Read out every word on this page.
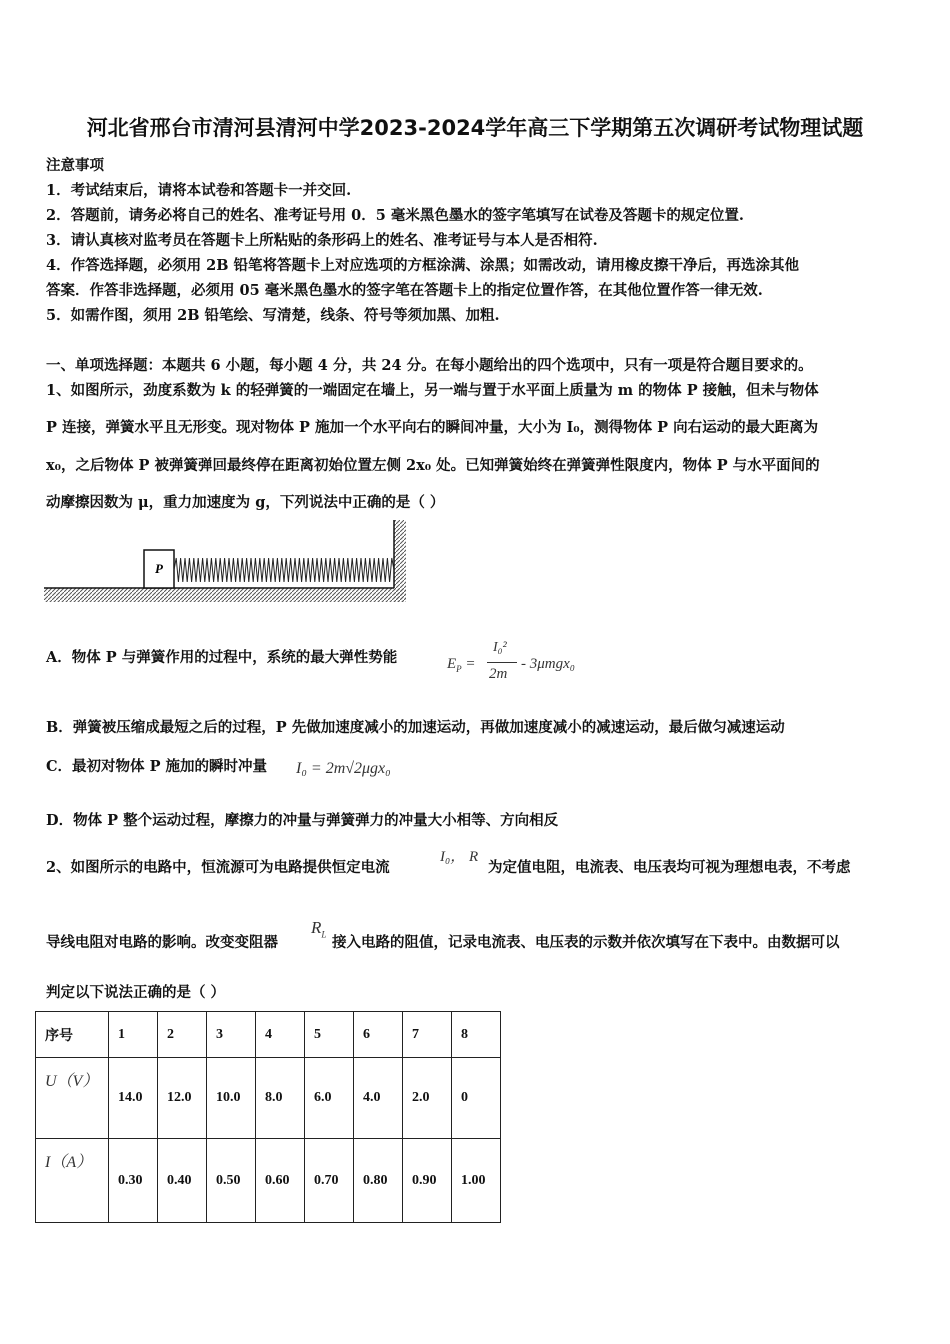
河北省邢台市清河县清河中学2023-2024学年高三下学期第五次调研考试物理试题
注意事项
1．考试结束后，请将本试卷和答题卡一并交回.
2．答题前，请务必将自己的姓名、准考证号用 0．5 毫米黑色墨水的签字笔填写在试卷及答题卡的规定位置.
3．请认真核对监考员在答题卡上所粘贴的条形码上的姓名、准考证号与本人是否相符.
4．作答选择题，必须用 2B 铅笔将答题卡上对应选项的方框涂满、涂黑；如需改动，请用橡皮擦干净后，再选涂其他
答案．作答非选择题，必须用 05 毫米黑色墨水的签字笔在答题卡上的指定位置作答，在其他位置作答一律无效.
5．如需作图，须用 2B 铅笔绘、写清楚，线条、符号等须加黑、加粗.
一、单项选择题：本题共 6 小题，每小题 4 分，共 24 分。在每小题给出的四个选项中，只有一项是符合题目要求的。
1、如图所示，劲度系数为 k 的轻弹簧的一端固定在墙上，另一端与置于水平面上质量为 m 的物体 P 接触，但未与物体
P 连接，弹簧水平且无形变。现对物体 P 施加一个水平向右的瞬间冲量，大小为 I₀，测得物体 P 向右运动的最大距离为
x₀，之后物体 P 被弹簧弹回最终停在距离初始位置左侧 2x₀ 处。已知弹簧始终在弹簧弹性限度内，物体 P 与水平面间的
动摩擦因数为 μ，重力加速度为 g，下列说法中正确的是（ ）
P
A．物体 P 与弹簧作用的过程中，系统的最大弹性势能	$E_P$ =
I₀²
2m
- 3μmgx₀
B．弹簧被压缩成最短之后的过程，P 先做加速度减小的加速运动，再做加速度减小的减速运动，最后做匀减速运动
C．最初对物体 P 施加的瞬时冲量 I₀ = 2m√2μgx₀
D．物体 P 整个运动过程，摩擦力的冲量与弹簧弹力的冲量大小相等、方向相反
2、如图所示的电路中，恒流源可为电路提供恒定电流
I₀， R
为定值电阻，电流表、电压表均可视为理想电表，不考虑
导线电阻对电路的影响。改变变阻器
$R_L$ 接入电路的阻值，记录电流表、电压表的示数并依次填写在下表中。由数据可以
判定以下说法正确的是（ ）
序号	1	2	3	4	5	6	7	8
U（V）	14.0	12.0	10.0	8.0	6.0	4.0	2.0	0
I（A）	0.30	0.40	0.50	0.60	0.70	0.80	0.90	1.00
